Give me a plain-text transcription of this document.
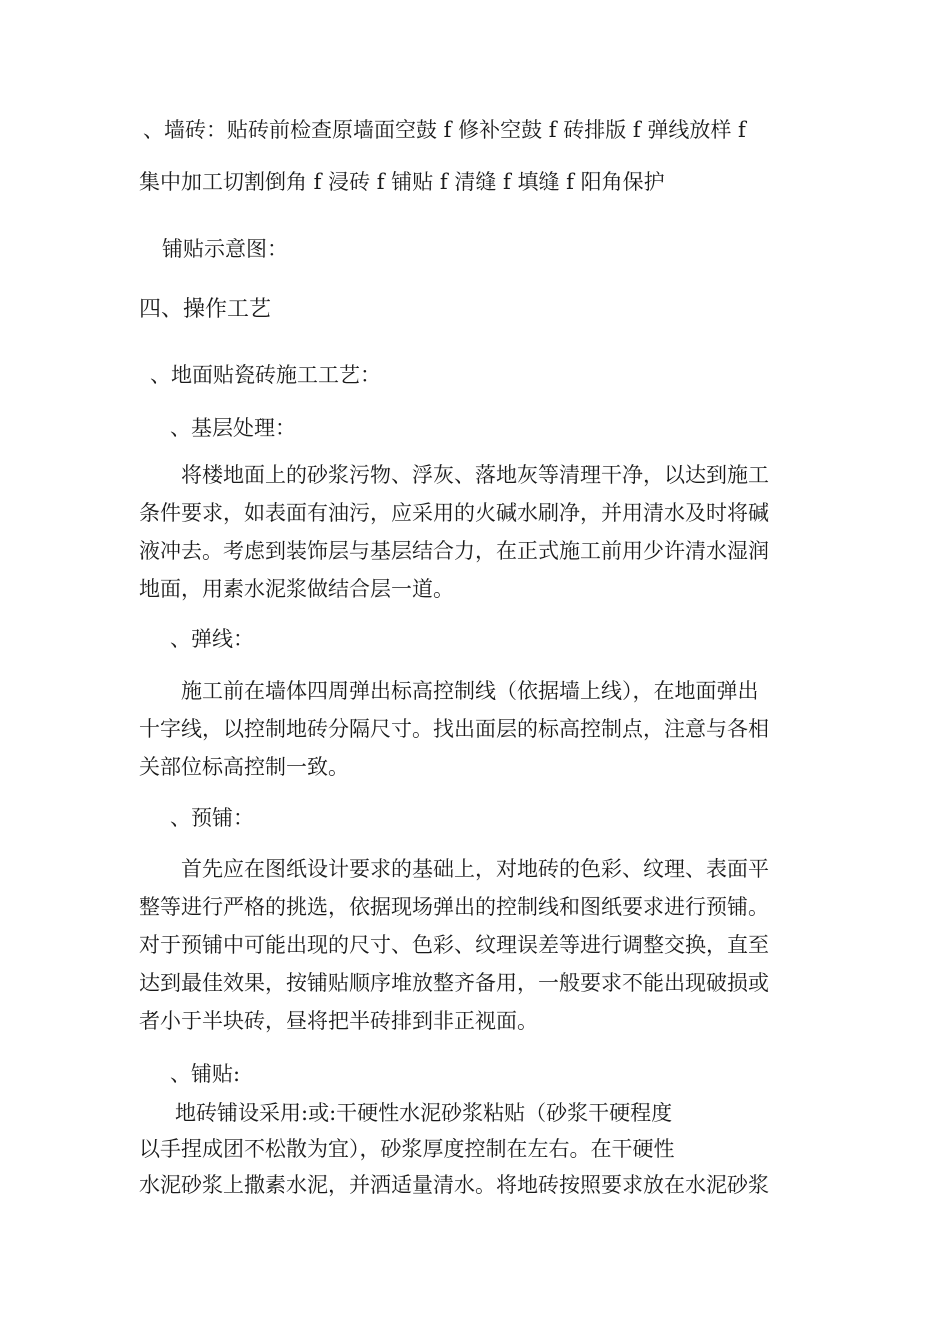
、墙砖：贴砖前检查原墙面空鼓 f 修补空鼓 f 砖排版 f 弹线放样 f
集中加工切割倒角 f 浸砖 f 铺贴 f 清缝 f 填缝 f 阳角保护
铺贴示意图：
四、操作工艺
、地面贴瓷砖施工工艺：
、基层处理：
将楼地面上的砂浆污物、浮灰、落地灰等清理干净，以达到施工
条件要求，如表面有油污，应采用的火碱水刷净，并用清水及时将碱
液冲去。考虑到装饰层与基层结合力，在正式施工前用少许清水湿润
地面，用素水泥浆做结合层一道。
、弹线：
施工前在墙体四周弹出标高控制线（依据墙上线），在地面弹出
十字线，以控制地砖分隔尺寸。找出面层的标高控制点，注意与各相
关部位标高控制一致。
、预铺：
首先应在图纸设计要求的基础上，对地砖的色彩、纹理、表面平
整等进行严格的挑选，依据现场弹出的控制线和图纸要求进行预铺。
对于预铺中可能出现的尺寸、色彩、纹理误差等进行调整交换，直至
达到最佳效果，按铺贴顺序堆放整齐备用，一般要求不能出现破损或
者小于半块砖，昼将把半砖排到非正视面。
、铺贴:
地砖铺设采用:或:干硬性水泥砂浆粘贴（砂浆干硬程度
以手捏成团不松散为宜），砂浆厚度控制在左右。在干硬性
水泥砂浆上撒素水泥，并洒适量清水。将地砖按照要求放在水泥砂浆
